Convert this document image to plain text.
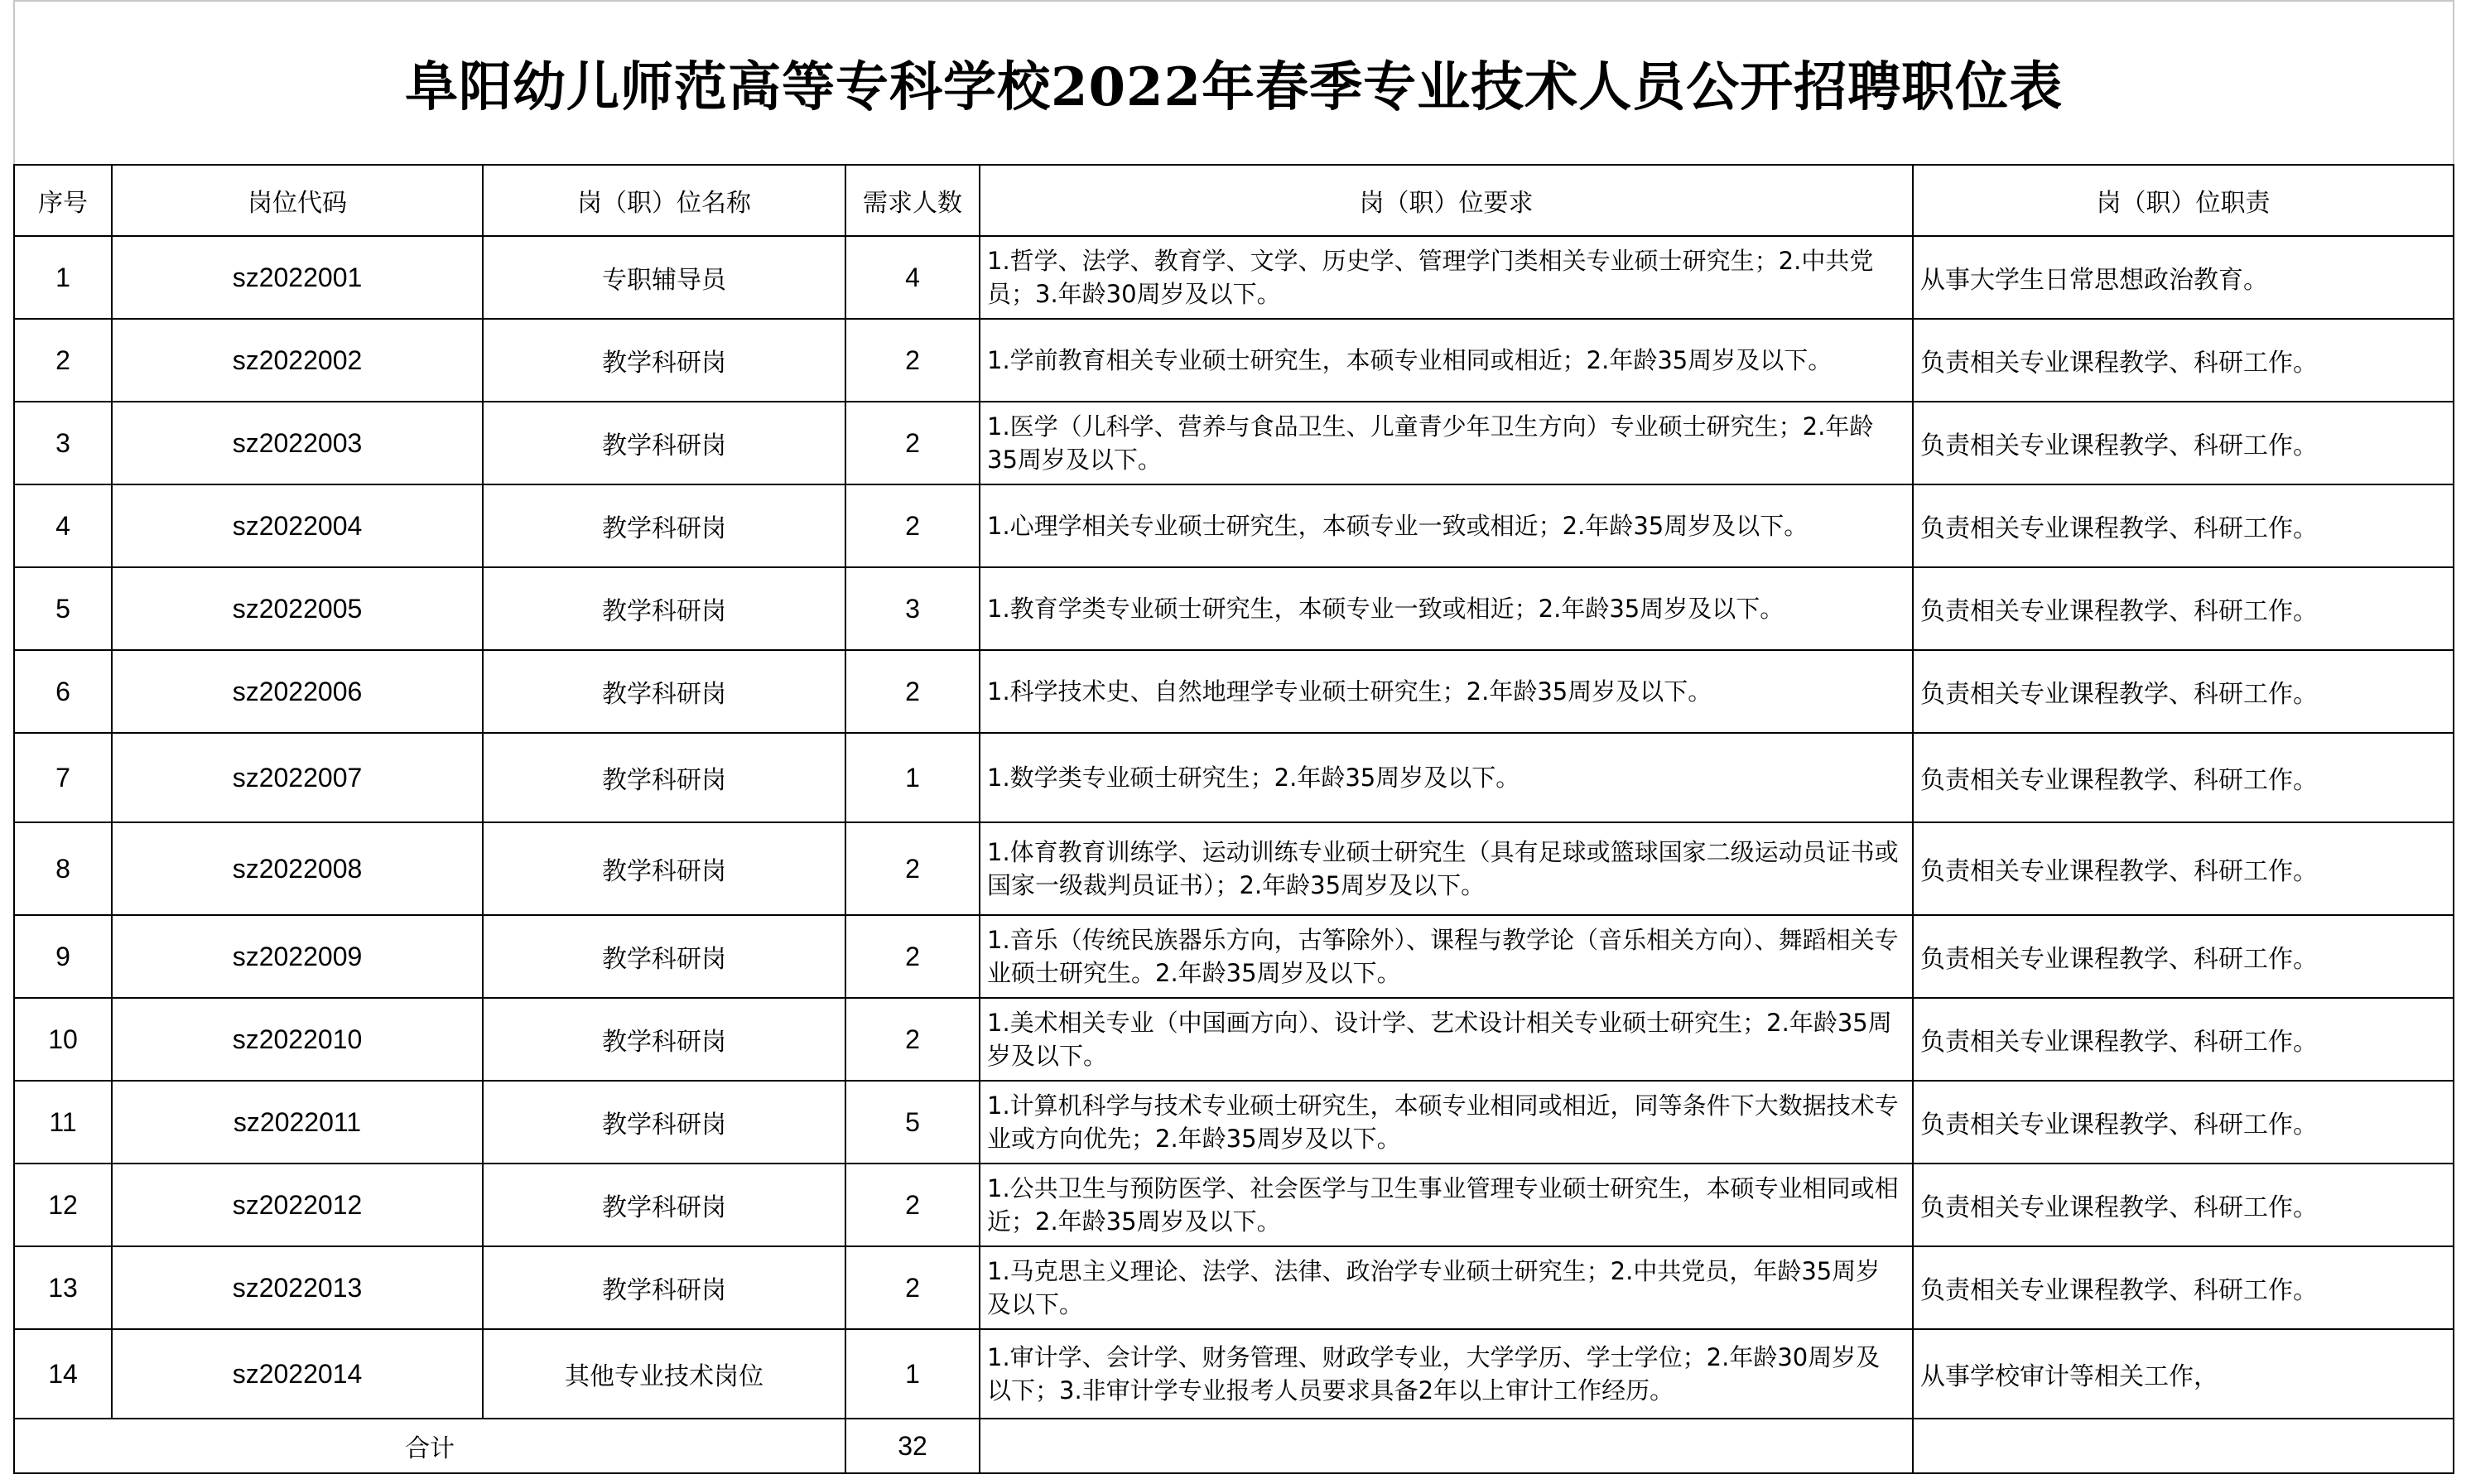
阜阳幼儿师范高等专科学校2022年春季专业技术人员公开招聘职位表					
序号	岗位代码	岗（职）位名称	需求人数	岗（职）位要求	岗（职）位职责
1	sz2022001	专职辅导员	4	1.哲学、法学、教育学、文学、历史学、管理学门类相关专业硕士研究生；2.中共党员；3.年龄30周岁及以下。	从事大学生日常思想政治教育。
2	sz2022002	教学科研岗	2	1.学前教育相关专业硕士研究生，本硕专业相同或相近；2.年龄35周岁及以下。	负责相关专业课程教学、科研工作。
3	sz2022003	教学科研岗	2	1.医学（儿科学、营养与食品卫生、儿童青少年卫生方向）专业硕士研究生；2.年龄35周岁及以下。	负责相关专业课程教学、科研工作。
4	sz2022004	教学科研岗	2	1.心理学相关专业硕士研究生，本硕专业一致或相近；2.年龄35周岁及以下。	负责相关专业课程教学、科研工作。
5	sz2022005	教学科研岗	3	1.教育学类专业硕士研究生，本硕专业一致或相近；2.年龄35周岁及以下。	负责相关专业课程教学、科研工作。
6	sz2022006	教学科研岗	2	1.科学技术史、自然地理学专业硕士研究生；2.年龄35周岁及以下。	负责相关专业课程教学、科研工作。
7	sz2022007	教学科研岗	1	1.数学类专业硕士研究生；2.年龄35周岁及以下。	负责相关专业课程教学、科研工作。
8	sz2022008	教学科研岗	2	1.体育教育训练学、运动训练专业硕士研究生（具有足球或篮球国家二级运动员证书或国家一级裁判员证书）；2.年龄35周岁及以下。	负责相关专业课程教学、科研工作。
9	sz2022009	教学科研岗	2	1.音乐（传统民族器乐方向，古筝除外）、课程与教学论（音乐相关方向）、舞蹈相关专业硕士研究生。2.年龄35周岁及以下。	负责相关专业课程教学、科研工作。
10	sz2022010	教学科研岗	2	1.美术相关专业（中国画方向）、设计学、艺术设计相关专业硕士研究生；2.年龄35周岁及以下。	负责相关专业课程教学、科研工作。
11	sz2022011	教学科研岗	5	1.计算机科学与技术专业硕士研究生，本硕专业相同或相近，同等条件下大数据技术专业或方向优先；2.年龄35周岁及以下。	负责相关专业课程教学、科研工作。
12	sz2022012	教学科研岗	2	1.公共卫生与预防医学、社会医学与卫生事业管理专业硕士研究生，本硕专业相同或相近；2.年龄35周岁及以下。	负责相关专业课程教学、科研工作。
13	sz2022013	教学科研岗	2	1.马克思主义理论、法学、法律、政治学专业硕士研究生；2.中共党员，年龄35周岁及以下。	负责相关专业课程教学、科研工作。
14	sz2022014	其他专业技术岗位	1	1.审计学、会计学、财务管理、财政学专业，大学学历、学士学位；2.年龄30周岁及以下；3.非审计学专业报考人员要求具备2年以上审计工作经历。	从事学校审计等相关工作，
合计			32		
